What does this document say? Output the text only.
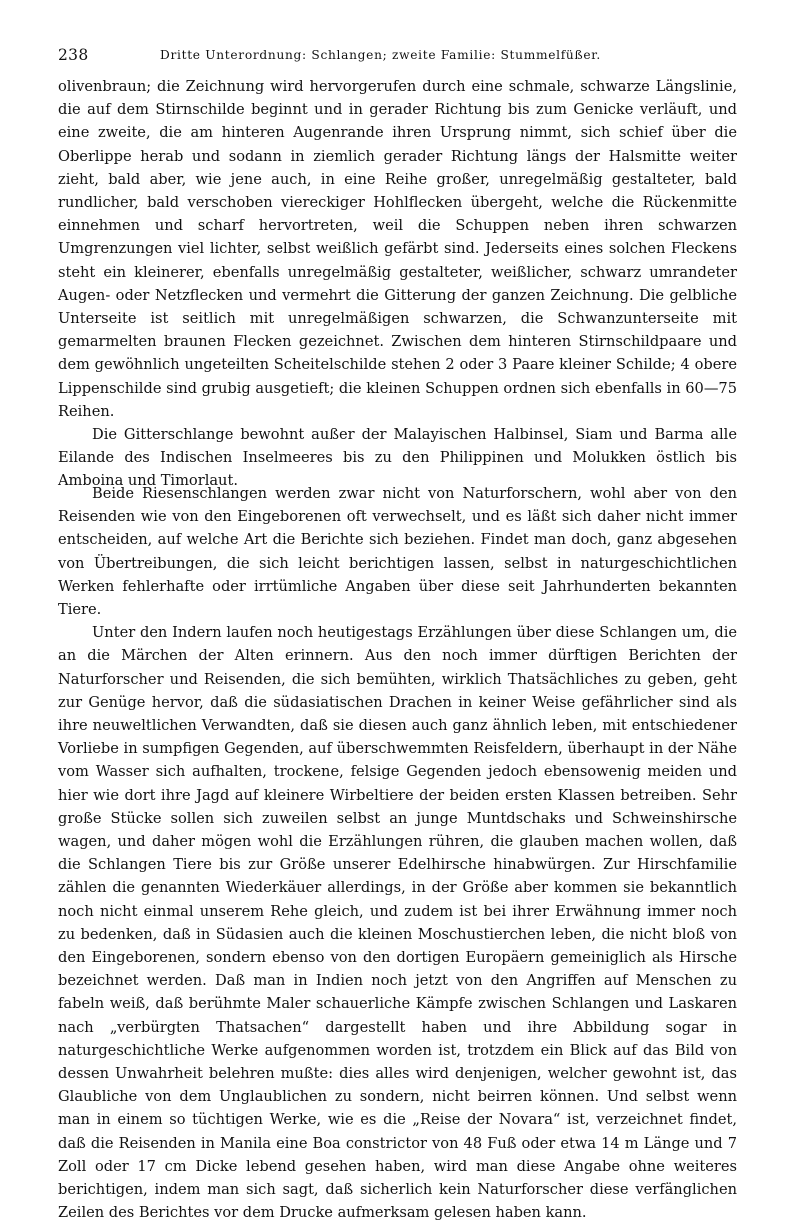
238	Dritte Unterordnung: Schlangen; zweite Familie: Stummelfüßer.

olivenbraun; die Zeichnung wird hervorgerufen durch eine schmale, schwarze Längslinie, die auf dem Stirnschilde beginnt und in gerader Richtung bis zum Genicke verläuft, und eine zweite, die am hinteren Augenrande ihren Ursprung nimmt, sich schief über die Oberlippe herab und sodann in ziemlich gerader Richtung längs der Halsmitte weiter zieht, bald aber, wie jene auch, in eine Reihe großer, unregelmäßig gestalteter, bald rundlicher, bald verschoben viereckiger Hohlflecken übergeht, welche die Rückenmitte einnehmen und scharf hervortreten, weil die Schuppen neben ihren schwarzen Umgrenzungen viel lichter, selbst weißlich gefärbt sind. Jederseits eines solchen Fleckens steht ein kleinerer, ebenfalls unregelmäßig gestalteter, weißlicher, schwarz umrandeter Augen- oder Netzflecken und vermehrt die Gitterung der ganzen Zeichnung. Die gelbliche Unterseite ist seitlich mit unregelmäßigen schwarzen, die Schwanzunterseite mit gemarmelten braunen Flecken gezeichnet. Zwischen dem hinteren Stirnschildpaare und dem gewöhnlich ungeteilten Scheitelschilde stehen 2 oder 3 Paare kleiner Schilde; 4 obere Lippenschilde sind grubig ausgetieft; die kleinen Schuppen ordnen sich ebenfalls in 60—75 Reihen.

Die Gitterschlange bewohnt außer der Malayischen Halbinsel, Siam und Barma alle Eilande des Indischen Inselmeeres bis zu den Philippinen und Molukken östlich bis Amboina und Timorlaut.

Beide Riesenschlangen werden zwar nicht von Naturforschern, wohl aber von den Reisenden wie von den Eingeborenen oft verwechselt, und es läßt sich daher nicht immer entscheiden, auf welche Art die Berichte sich beziehen. Findet man doch, ganz abgesehen von Übertreibungen, die sich leicht berichtigen lassen, selbst in naturgeschichtlichen Werken fehlerhafte oder irrtümliche Angaben über diese seit Jahrhunderten bekannten Tiere.

Unter den Indern laufen noch heutigestags Erzählungen über diese Schlangen um, die an die Märchen der Alten erinnern. Aus den noch immer dürftigen Berichten der Naturforscher und Reisenden, die sich bemühten, wirklich Thatsächliches zu geben, geht zur Genüge hervor, daß die südasiatischen Drachen in keiner Weise gefährlicher sind als ihre neuweltlichen Verwandten, daß sie diesen auch ganz ähnlich leben, mit entschiedener Vorliebe in sumpfigen Gegenden, auf überschwemmten Reisfeldern, überhaupt in der Nähe vom Wasser sich aufhalten, trockene, felsige Gegenden jedoch ebensowenig meiden und hier wie dort ihre Jagd auf kleinere Wirbeltiere der beiden ersten Klassen betreiben. Sehr große Stücke sollen sich zuweilen selbst an junge Muntdschaks und Schweinshirsche wagen, und daher mögen wohl die Erzählungen rühren, die glauben machen wollen, daß die Schlangen Tiere bis zur Größe unserer Edelhirsche hinabwürgen. Zur Hirschfamilie zählen die genannten Wiederkäuer allerdings, in der Größe aber kommen sie bekanntlich noch nicht einmal unserem Rehe gleich, und zudem ist bei ihrer Erwähnung immer noch zu bedenken, daß in Südasien auch die kleinen Moschustierchen leben, die nicht bloß von den Eingeborenen, sondern ebenso von den dortigen Europäern gemeiniglich als Hirsche bezeichnet werden. Daß man in Indien noch jetzt von den Angriffen auf Menschen zu fabeln weiß, daß berühmte Maler schauerliche Kämpfe zwischen Schlangen und Laskaren nach „verbürgten Thatsachen“ dargestellt haben und ihre Abbildung sogar in naturgeschichtliche Werke aufgenommen worden ist, trotzdem ein Blick auf das Bild von dessen Unwahrheit belehren mußte: dies alles wird denjenigen, welcher gewohnt ist, das Glaubliche von dem Unglaublichen zu sondern, nicht beirren können. Und selbst wenn man in einem so tüchtigen Werke, wie es die „Reise der Novara“ ist, verzeichnet findet, daß die Reisenden in Manila eine Boa constrictor von 48 Fuß oder etwa 14 m Länge und 7 Zoll oder 17 cm Dicke lebend gesehen haben, wird man diese Angabe ohne weiteres berichtigen, indem man sich sagt, daß sicherlich kein Naturforscher diese verfänglichen Zeilen des Berichtes vor dem Drucke aufmerksam gelesen haben kann.
